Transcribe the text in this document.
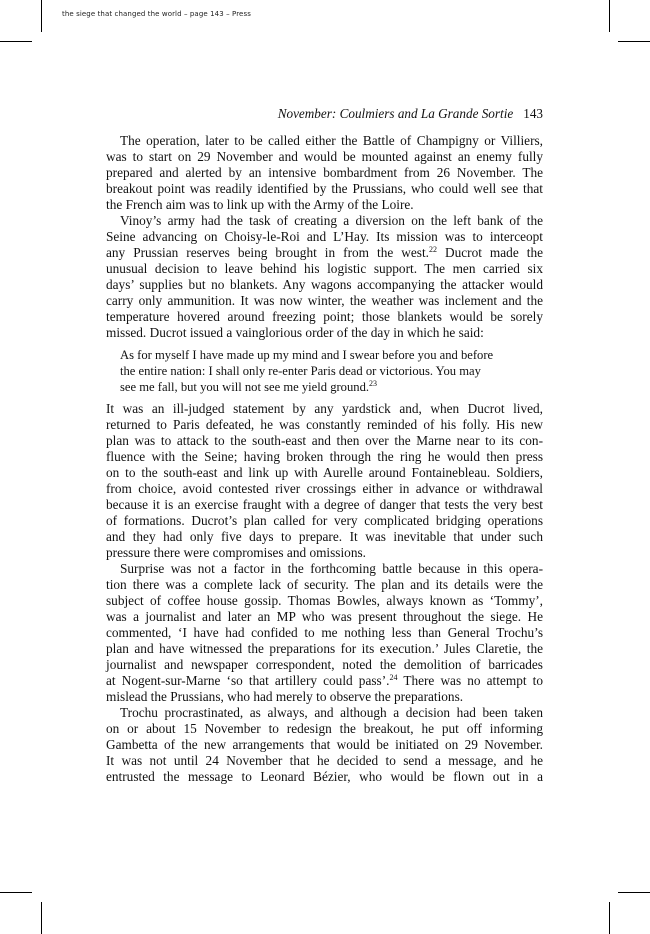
the siege that changed the world – page 143 – Press
November: Coulmiers and La Grande Sortie 143
The operation, later to be called either the Battle of Champigny or Villiers,
was to start on 29 November and would be mounted against an enemy fully
prepared and alerted by an intensive bombardment from 26 November. The
breakout point was readily identified by the Prussians, who could well see that
the French aim was to link up with the Army of the Loire.
Vinoy’s army had the task of creating a diversion on the left bank of the
Seine advancing on Choisy-le-Roi and L’Hay. Its mission was to interceopt
any Prussian reserves being brought in from the west.$^{22}$ Ducrot made the
unusual decision to leave behind his logistic support. The men carried six
days’ supplies but no blankets. Any wagons accompanying the attacker would
carry only ammunition. It was now winter, the weather was inclement and the
temperature hovered around freezing point; those blankets would be sorely
missed. Ducrot issued a vainglorious order of the day in which he said:
As for myself I have made up my mind and I swear before you and before
the entire nation: I shall only re-enter Paris dead or victorious. You may
see me fall, but you will not see me yield ground.$^{23}$
It was an ill-judged statement by any yardstick and, when Ducrot lived,
returned to Paris defeated, he was constantly reminded of his folly. His new
plan was to attack to the south-east and then over the Marne near to its con-
fluence with the Seine; having broken through the ring he would then press
on to the south-east and link up with Aurelle around Fontainebleau. Soldiers,
from choice, avoid contested river crossings either in advance or withdrawal
because it is an exercise fraught with a degree of danger that tests the very best
of formations. Ducrot’s plan called for very complicated bridging operations
and they had only five days to prepare. It was inevitable that under such
pressure there were compromises and omissions.
Surprise was not a factor in the forthcoming battle because in this opera-
tion there was a complete lack of security. The plan and its details were the
subject of coffee house gossip. Thomas Bowles, always known as ‘Tommy’,
was a journalist and later an MP who was present throughout the siege. He
commented, ‘I have had confided to me nothing less than General Trochu’s
plan and have witnessed the preparations for its execution.’ Jules Claretie, the
journalist and newspaper correspondent, noted the demolition of barricades
at Nogent-sur-Marne ‘so that artillery could pass’.$^{24}$ There was no attempt to
mislead the Prussians, who had merely to observe the preparations.
Trochu procrastinated, as always, and although a decision had been taken
on or about 15 November to redesign the breakout, he put off informing
Gambetta of the new arrangements that would be initiated on 29 November.
It was not until 24 November that he decided to send a message, and he
entrusted the message to Leonard Bézier, who would be flown out in a
